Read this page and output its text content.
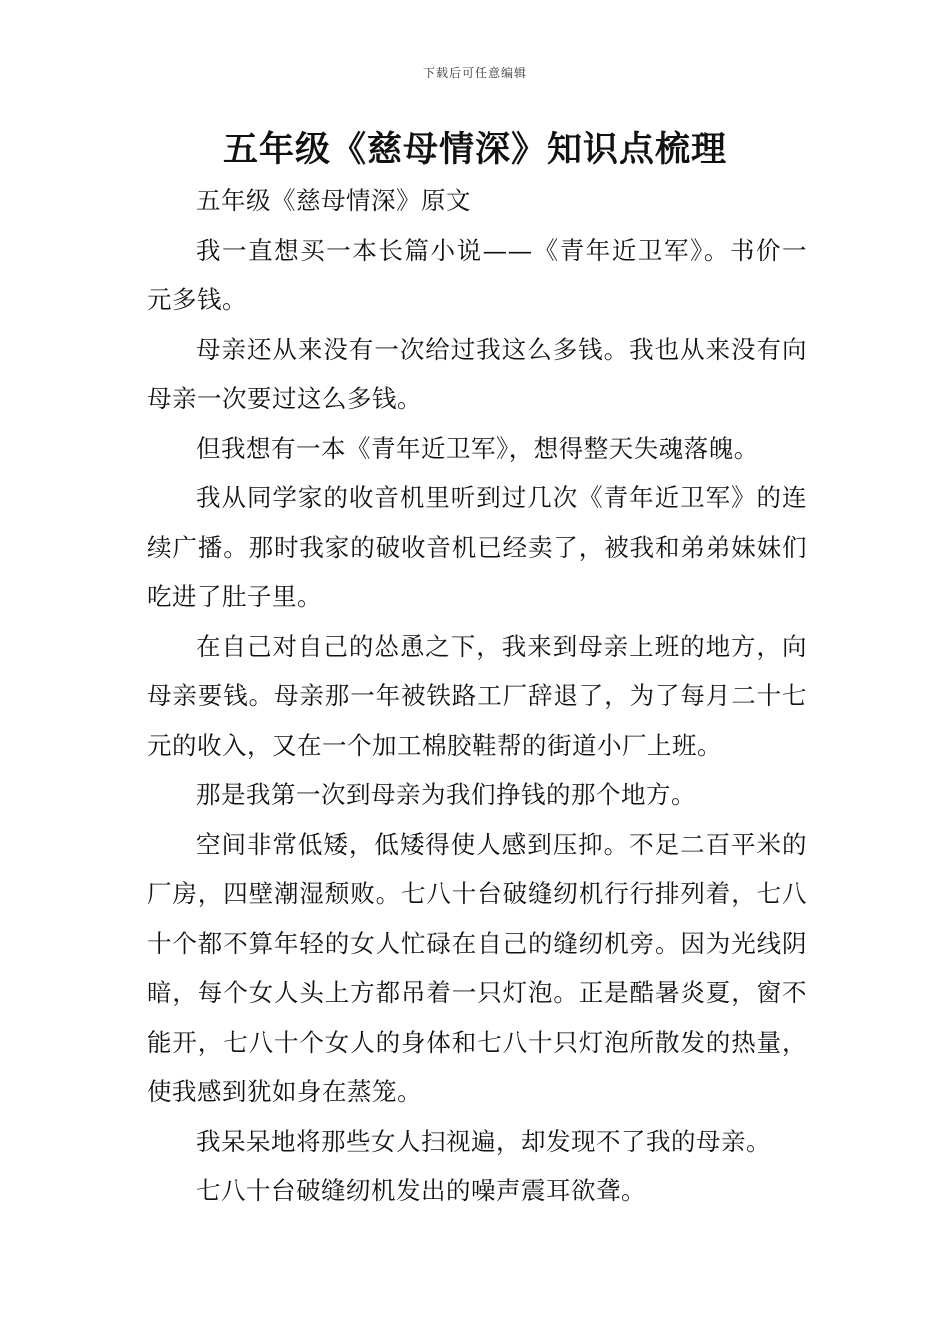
下载后可任意编辑
五年级《慈母情深》知识点梳理

五年级《慈母情深》原文

我一直想买一本长篇小说——《青年近卫军》。书价一元多钱。

母亲还从来没有一次给过我这么多钱。我也从来没有向母亲一次要过这么多钱。

但我想有一本《青年近卫军》，想得整天失魂落魄。

我从同学家的收音机里听到过几次《青年近卫军》的连续广播。那时我家的破收音机已经卖了，被我和弟弟妹妹们吃进了肚子里。

在自己对自己的怂恿之下，我来到母亲上班的地方，向母亲要钱。母亲那一年被铁路工厂辞退了，为了每月二十七元的收入，又在一个加工棉胶鞋帮的街道小厂上班。

那是我第一次到母亲为我们挣钱的那个地方。

空间非常低矮，低矮得使人感到压抑。不足二百平米的厂房，四壁潮湿颓败。七八十台破缝纫机行行排列着，七八十个都不算年轻的女人忙碌在自己的缝纫机旁。因为光线阴暗，每个女人头上方都吊着一只灯泡。正是酷暑炎夏，窗不能开，七八十个女人的身体和七八十只灯泡所散发的热量，使我感到犹如身在蒸笼。

我呆呆地将那些女人扫视遍，却发现不了我的母亲。

七八十台破缝纫机发出的噪声震耳欲聋。
